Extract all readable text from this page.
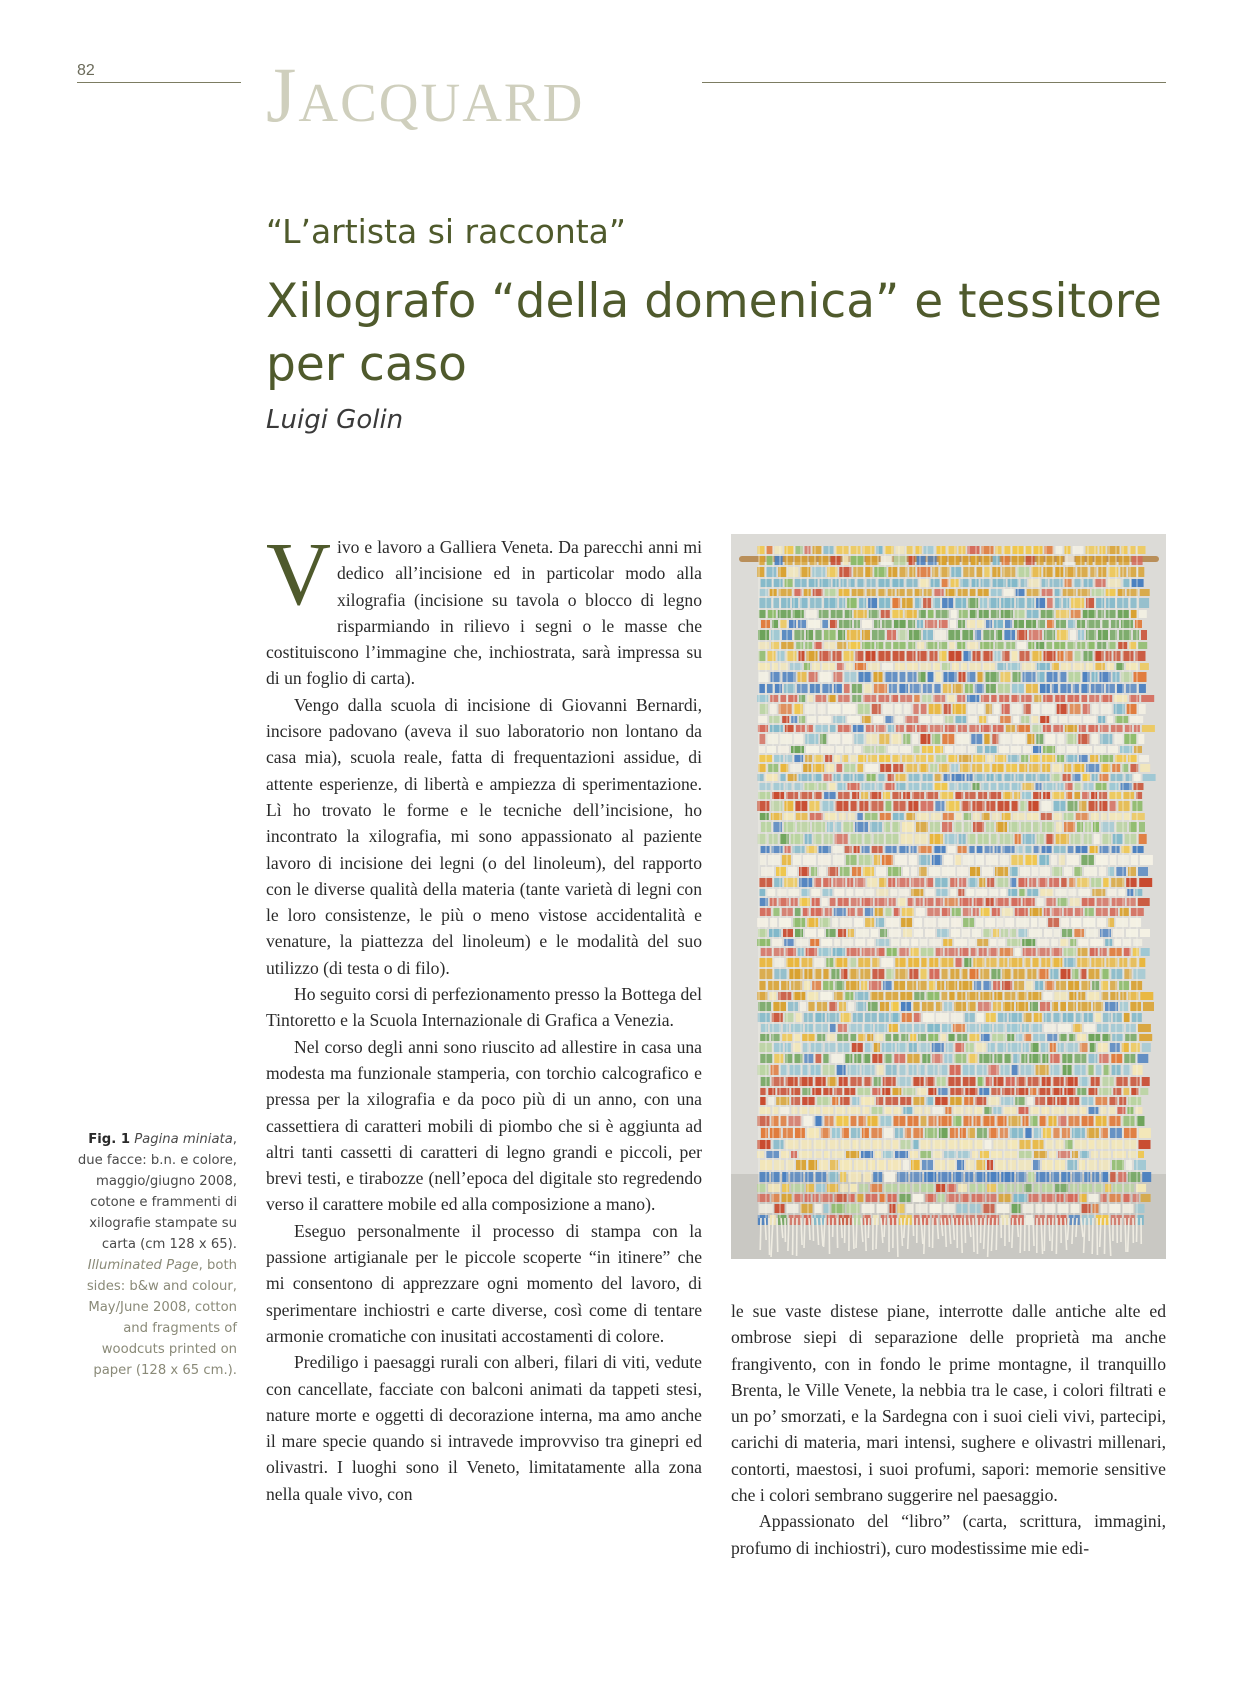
82 Jacquard
“L’artista si racconta”
Xilografo “della domenica” e tessitore per caso
Luigi Golin
Fig. 1 Pagina miniata, due facce: b.n. e colore, maggio/giugno 2008, cotone e frammenti di xilografie stampate su carta (cm 128 x 65). Illuminated Page, both sides: b&w and colour, May/June 2008, cotton and fragments of woodcuts printed on paper (128 x 65 cm.).

Vivo e lavoro a Galliera Veneta. Da parecchi anni mi dedico all’incisione ed in particolar modo alla xilografia (incisione su tavola o blocco di legno risparmiando in rilievo i segni o le masse che costituiscono l’immagine che, inchiostrata, sarà impressa su di un foglio di carta).

Vengo dalla scuola di incisione di Giovanni Bernardi, incisore padovano (aveva il suo laboratorio non lontano da casa mia), scuola reale, fatta di frequentazioni assidue, di attente esperienze, di libertà e ampiezza di sperimentazione. Lì ho trovato le forme e le tecniche dell’incisione, ho incontrato la xilografia, mi sono appassionato al paziente lavoro di incisione dei legni (o del linoleum), del rapporto con le diverse qualità della materia (tante varietà di legni con le loro consistenze, le più o meno vistose accidentalità e venature, la piattezza del linoleum) e le modalità del suo utilizzo (di testa o di filo).

Ho seguito corsi di perfezionamento presso la Bottega del Tintoretto e la Scuola Internazionale di Grafica a Venezia.

Nel corso degli anni sono riuscito ad allestire in casa una modesta ma funzionale stamperia, con torchio calcografico e pressa per la xilografia e da poco più di un anno, con una cassettiera di caratteri mobili di piombo che si è aggiunta ad altri tanti cassetti di caratteri di legno grandi e piccoli, per brevi testi, e tirabozze (nell’epoca del digitale sto regredendo verso il carattere mobile ed alla composizione a mano).

Eseguo personalmente il processo di stampa con la passione artigianale per le piccole scoperte “in itinere” che mi consentono di apprezzare ogni momento del lavoro, di sperimentare inchiostri e carte diverse, così come di tentare armonie cromatiche con inusitati accostamenti di colore.

Prediligo i paesaggi rurali con alberi, filari di viti, vedute con cancellate, facciate con balconi animati da tappeti stesi, nature morte e oggetti di decorazione interna, ma amo anche il mare specie quando si intravede improvviso tra ginepri ed olivastri. I luoghi sono il Veneto, limitatamente alla zona nella quale vivo, con

le sue vaste distese piane, interrotte dalle antiche alte ed ombrose siepi di separazione delle proprietà ma anche frangivento, con in fondo le prime montagne, il tranquillo Brenta, le Ville Venete, la nebbia tra le case, i colori filtrati e un po’ smorzati, e la Sardegna con i suoi cieli vivi, partecipi, carichi di materia, mari intensi, sughere e olivastri millenari, contorti, maestosi, i suoi profumi, sapori: memorie sensitive che i colori sembrano suggerire nel paesaggio.

Appassionato del “libro” (carta, scrittura, immagini, profumo di inchiostri), curo modestissime mie edi-
